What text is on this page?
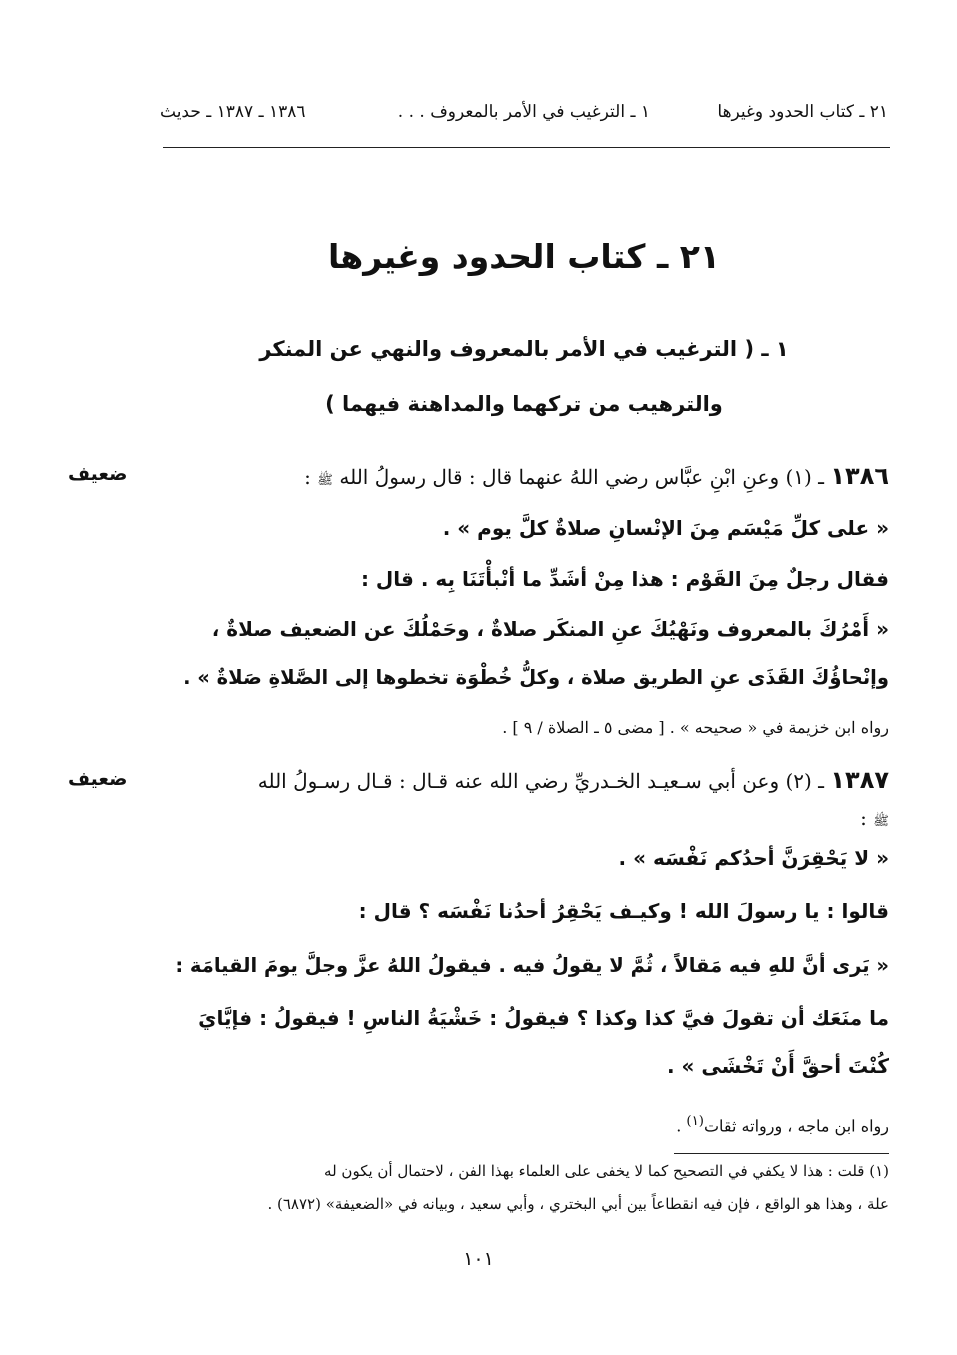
٢١ ـ كتاب الحدود وغيرها
١ ـ الترغيب في الأمر بالمعروف . . .
١٣٨٦ ـ ١٣٨٧ ـ حديث
٢١ ـ كتاب الحدود وغيرها
١ ـ ( الترغيب في الأمر بالمعروف والنهي عن المنكر
والترهيب من تركهما والمداهنة فيهما )
ضعيف	١٣٨٦ ـ (١) وعنِ ابْنِ عبَّاس رضي اللهُ عنهما قال : قال رسولُ الله ﷺ :
« على كلِّ مَيْسَم مِنَ الإنْسانِ صلاةٌ كلَّ يوم » .
فقال رجلٌ مِنَ القَوْم : هذا مِنْ أشَدِّ ما أنْبأْتَنَا بِه . قال :
« أَمْرُكَ بالمعروف ونَهْيُكَ عنِ المنكَر صلاةٌ ، وحَمْلُكَ عن الضعيف صلاةٌ ،
وإنْحاؤُكَ القَذَى عنِ الطريق صلاة ، وكلُّ خُطْوَة تخطوها إلى الصَّلاةِ صَلاةٌ » .
رواه ابن خزيمة في « صحيحه » . [ مضى ٥ ـ الصلاة / ٩ ] .
ضعيف	١٣٨٧ ـ (٢) وعن أبي سـعيـد الخـدريِّ رضي الله عنه قـال : قـال رسـولُ الله
ﷺ :
« لا يَحْقِرَنَّ أحدُكم نَفْسَه » .
قالوا : يا رسولَ الله ! وكيـف يَحْقِرُ أحدُنا نَفْسَه ؟ قال :
« يَرى أنَّ للهِ فيه مَقالاً ، ثُمَّ لا يقولُ فيه . فيقولُ اللهُ عزَّ وجلَّ يومَ القيامَة :
ما منَعَك أن تقولَ فيَّ كذا وكذا ؟ فيقولُ : خَشْيَةُ الناسِ ! فيقولُ : فإيَّايَ
كُنْتَ أحقَّ أَنْ تَخْشَى » .
رواه ابن ماجه ، ورواته ثقات$^{(١)}$ .
(١) قلت : هذا لا يكفي في التصحيح كما لا يخفى على العلماء بهذا الفن ، لاحتمال أن يكون له
علة ، وهذا هو الواقع ، فإن فيه انقطاعاً بين أبي البختري ، وأبي سعيد ، وبيانه في «الضعيفة» (٦٨٧٢) .
١٠١
